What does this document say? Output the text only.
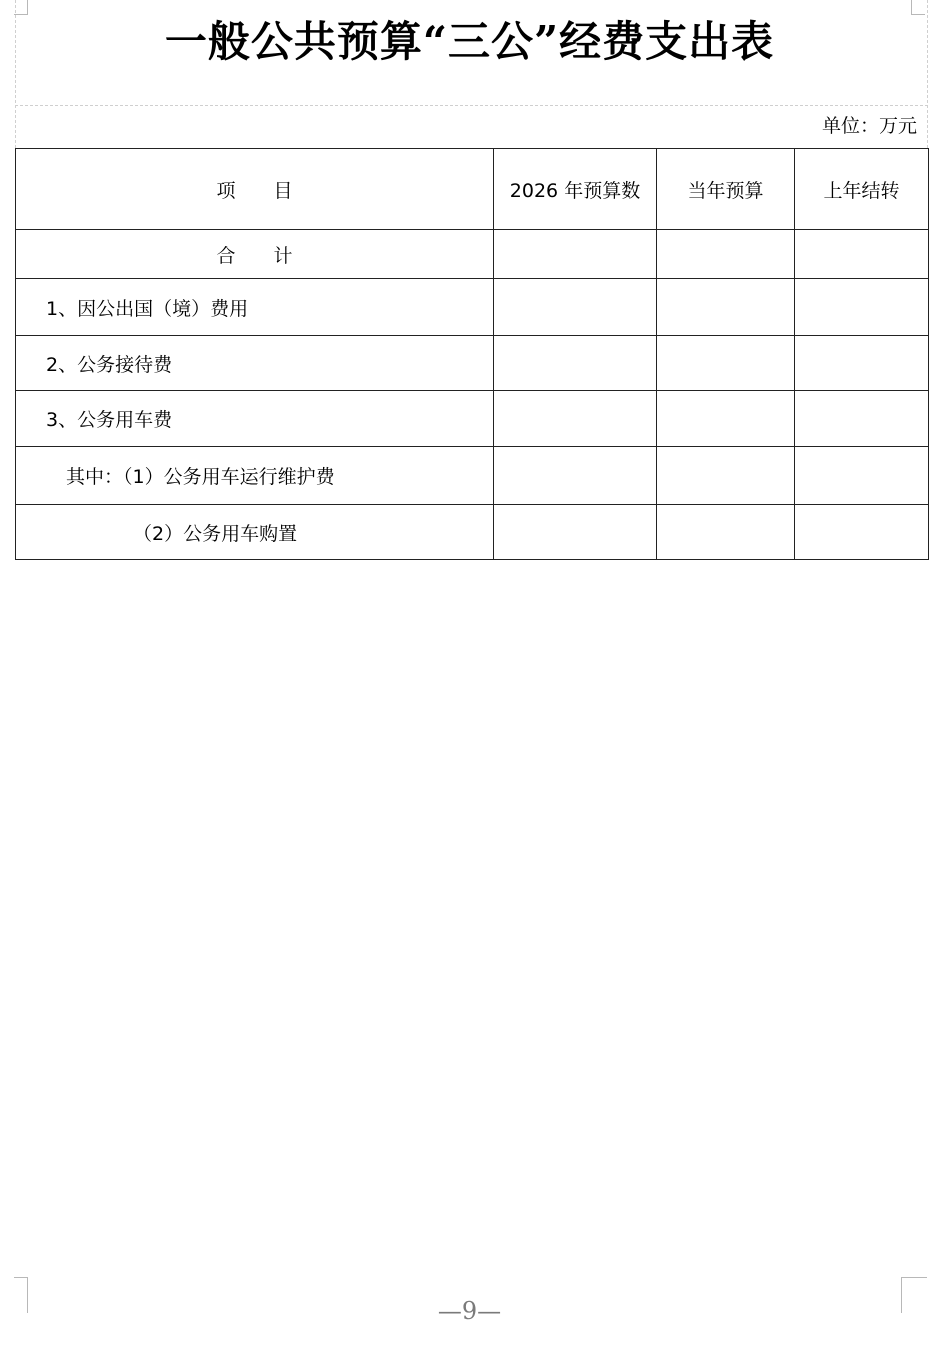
一般公共预算“三公”经费支出表
单位：万元
项　　目	2026 年预算数	当年预算	上年结转

合　　计			

1、因公出国（境）费用			

2、公务接待费			

3、公务用车费			

其中：（1）公务用车运行维护费			

（2）公务用车购置			

—9—
